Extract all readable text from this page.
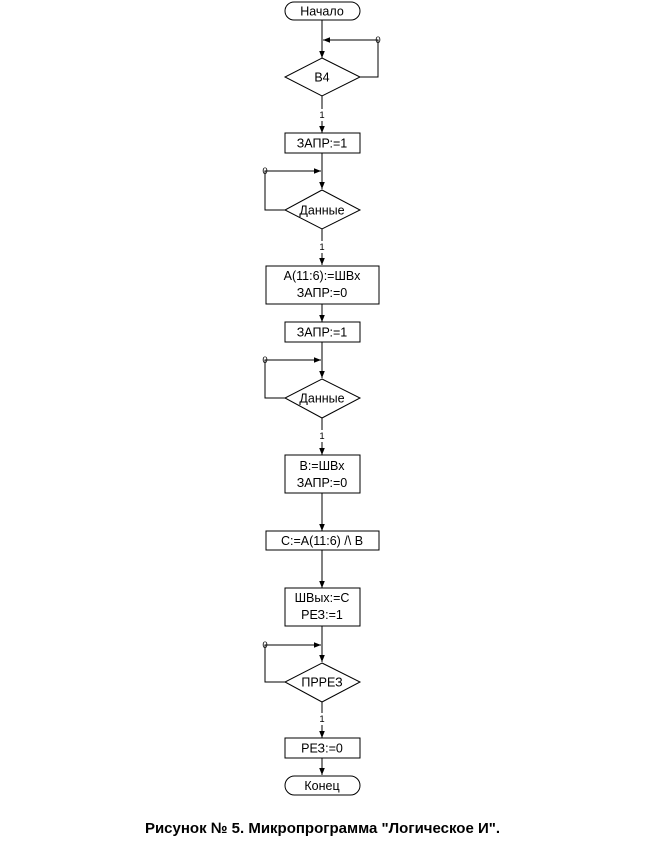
0
1
0
1
0
1
0
1
Начало
B4
ЗАПР:=1
Данные
A(11:6):=ШВх
ЗАПР:=0
ЗАПР:=1
Данные
B:=ШВх
ЗАПР:=0
C:=A(11:6) /\ B
ШВых:=C
РЕЗ:=1
ПРРЕЗ
РЕЗ:=0
Конец
Рисунок № 5. Микропрограмма "Логическое И".
